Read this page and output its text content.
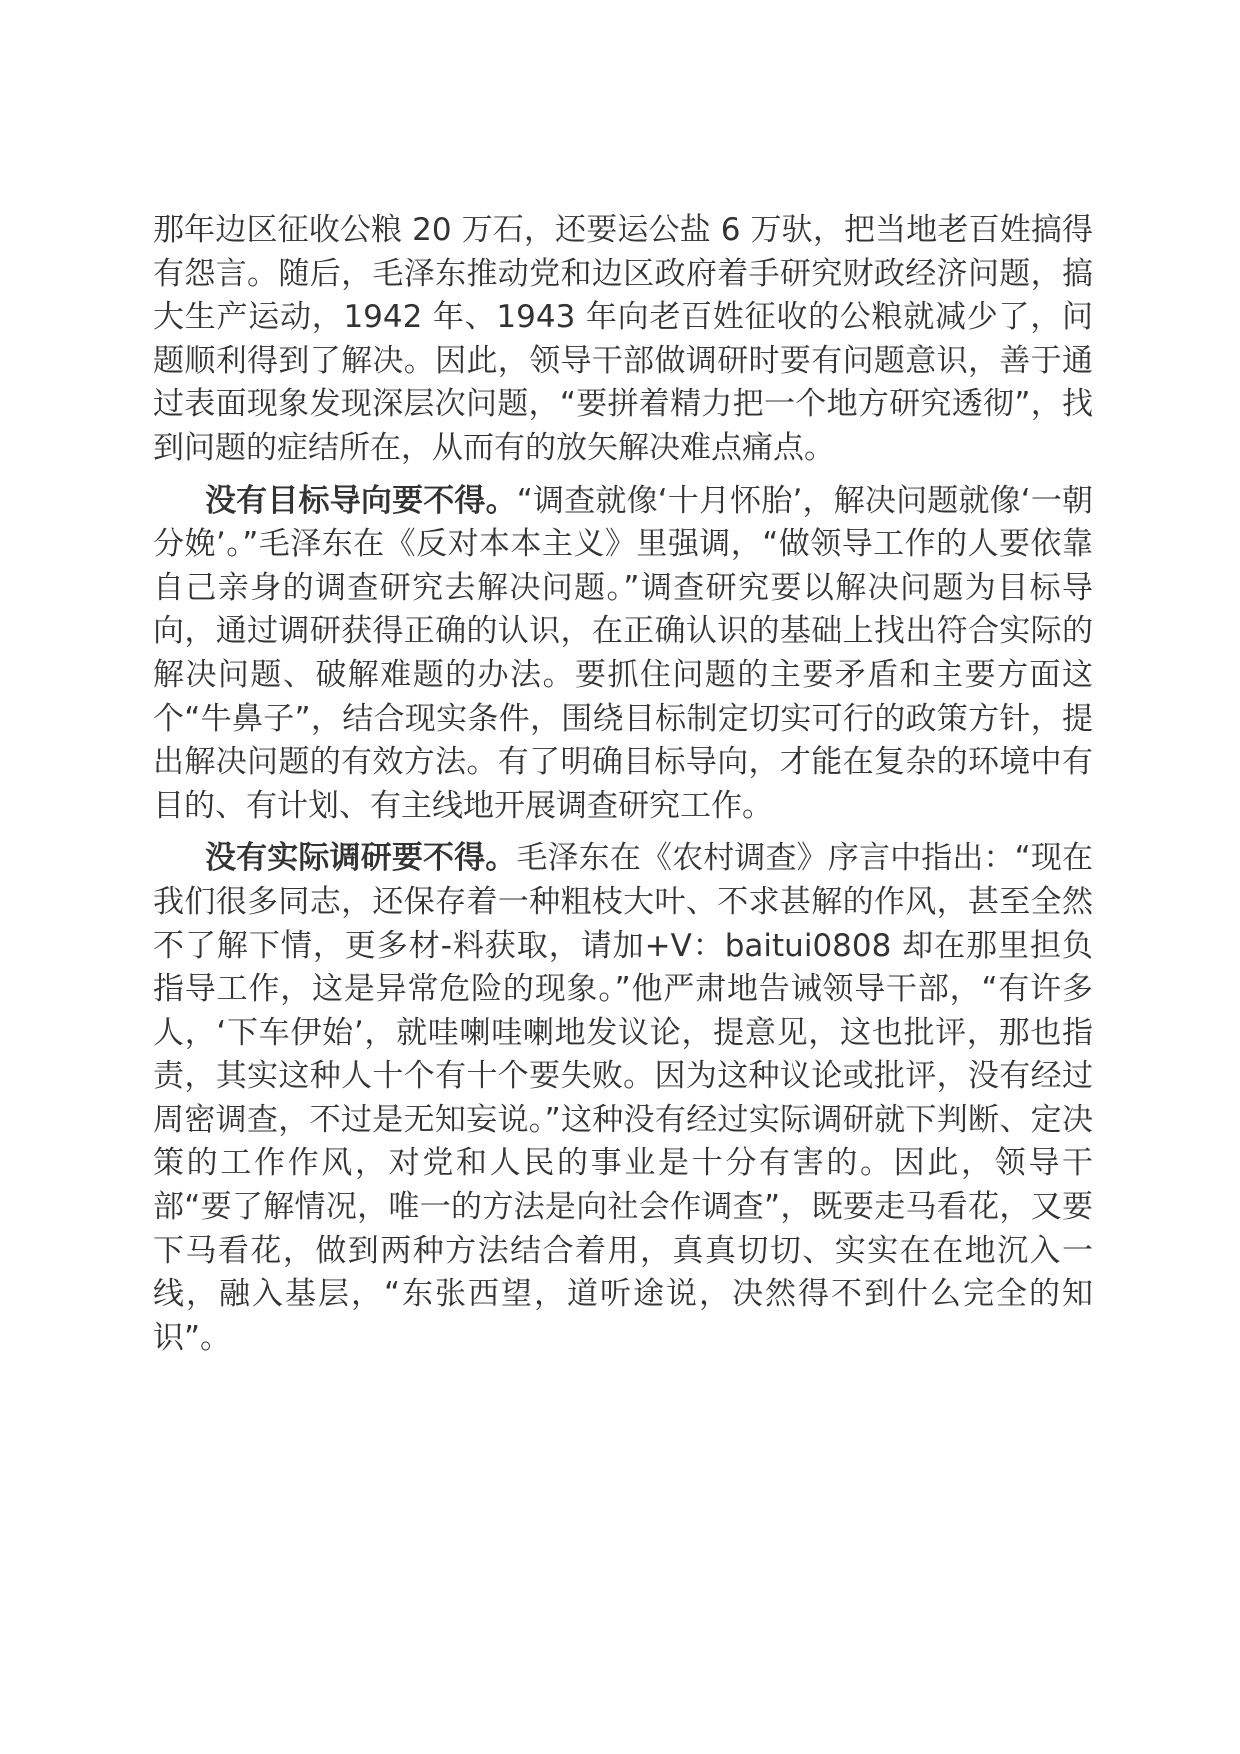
那年边区征收公粮 20 万石，还要运公盐 6 万驮，把当地老百姓搞得有怨言。随后，毛泽东推动党和边区政府着手研究财政经济问题，搞大生产运动，1942 年、1943 年向老百姓征收的公粮就减少了，问题顺利得到了解决。因此，领导干部做调研时要有问题意识，善于通过表面现象发现深层次问题，“要拼着精力把一个地方研究透彻”，找到问题的症结所在，从而有的放矢解决难点痛点。

没有目标导向要不得。“调查就像‘十月怀胎’，解决问题就像‘一朝分娩’。”毛泽东在《反对本本主义》里强调，“做领导工作的人要依靠自己亲身的调查研究去解决问题。”调查研究要以解决问题为目标导向，通过调研获得正确的认识，在正确认识的基础上找出符合实际的解决问题、破解难题的办法。要抓住问题的主要矛盾和主要方面这个“牛鼻子”，结合现实条件，围绕目标制定切实可行的政策方针，提出解决问题的有效方法。有了明确目标导向，才能在复杂的环境中有目的、有计划、有主线地开展调查研究工作。

没有实际调研要不得。毛泽东在《农村调查》序言中指出：“现在我们很多同志，还保存着一种粗枝大叶、不求甚解的作风，甚至全然不了解下情，更多材-料获取，请加+V：baitui0808 却在那里担负指导工作，这是异常危险的现象。”他严肃地告诫领导干部，“有许多人，‘下车伊始’，就哇喇哇喇地发议论，提意见，这也批评，那也指责，其实这种人十个有十个要失败。因为这种议论或批评，没有经过周密调查，不过是无知妄说。”这种没有经过实际调研就下判断、定决策的工作作风，对党和人民的事业是十分有害的。因此，领导干部“要了解情况，唯一的方法是向社会作调查”，既要走马看花，又要下马看花，做到两种方法结合着用，真真切切、实实在在地沉入一线，融入基层，“东张西望，道听途说，决然得不到什么完全的知识”。
